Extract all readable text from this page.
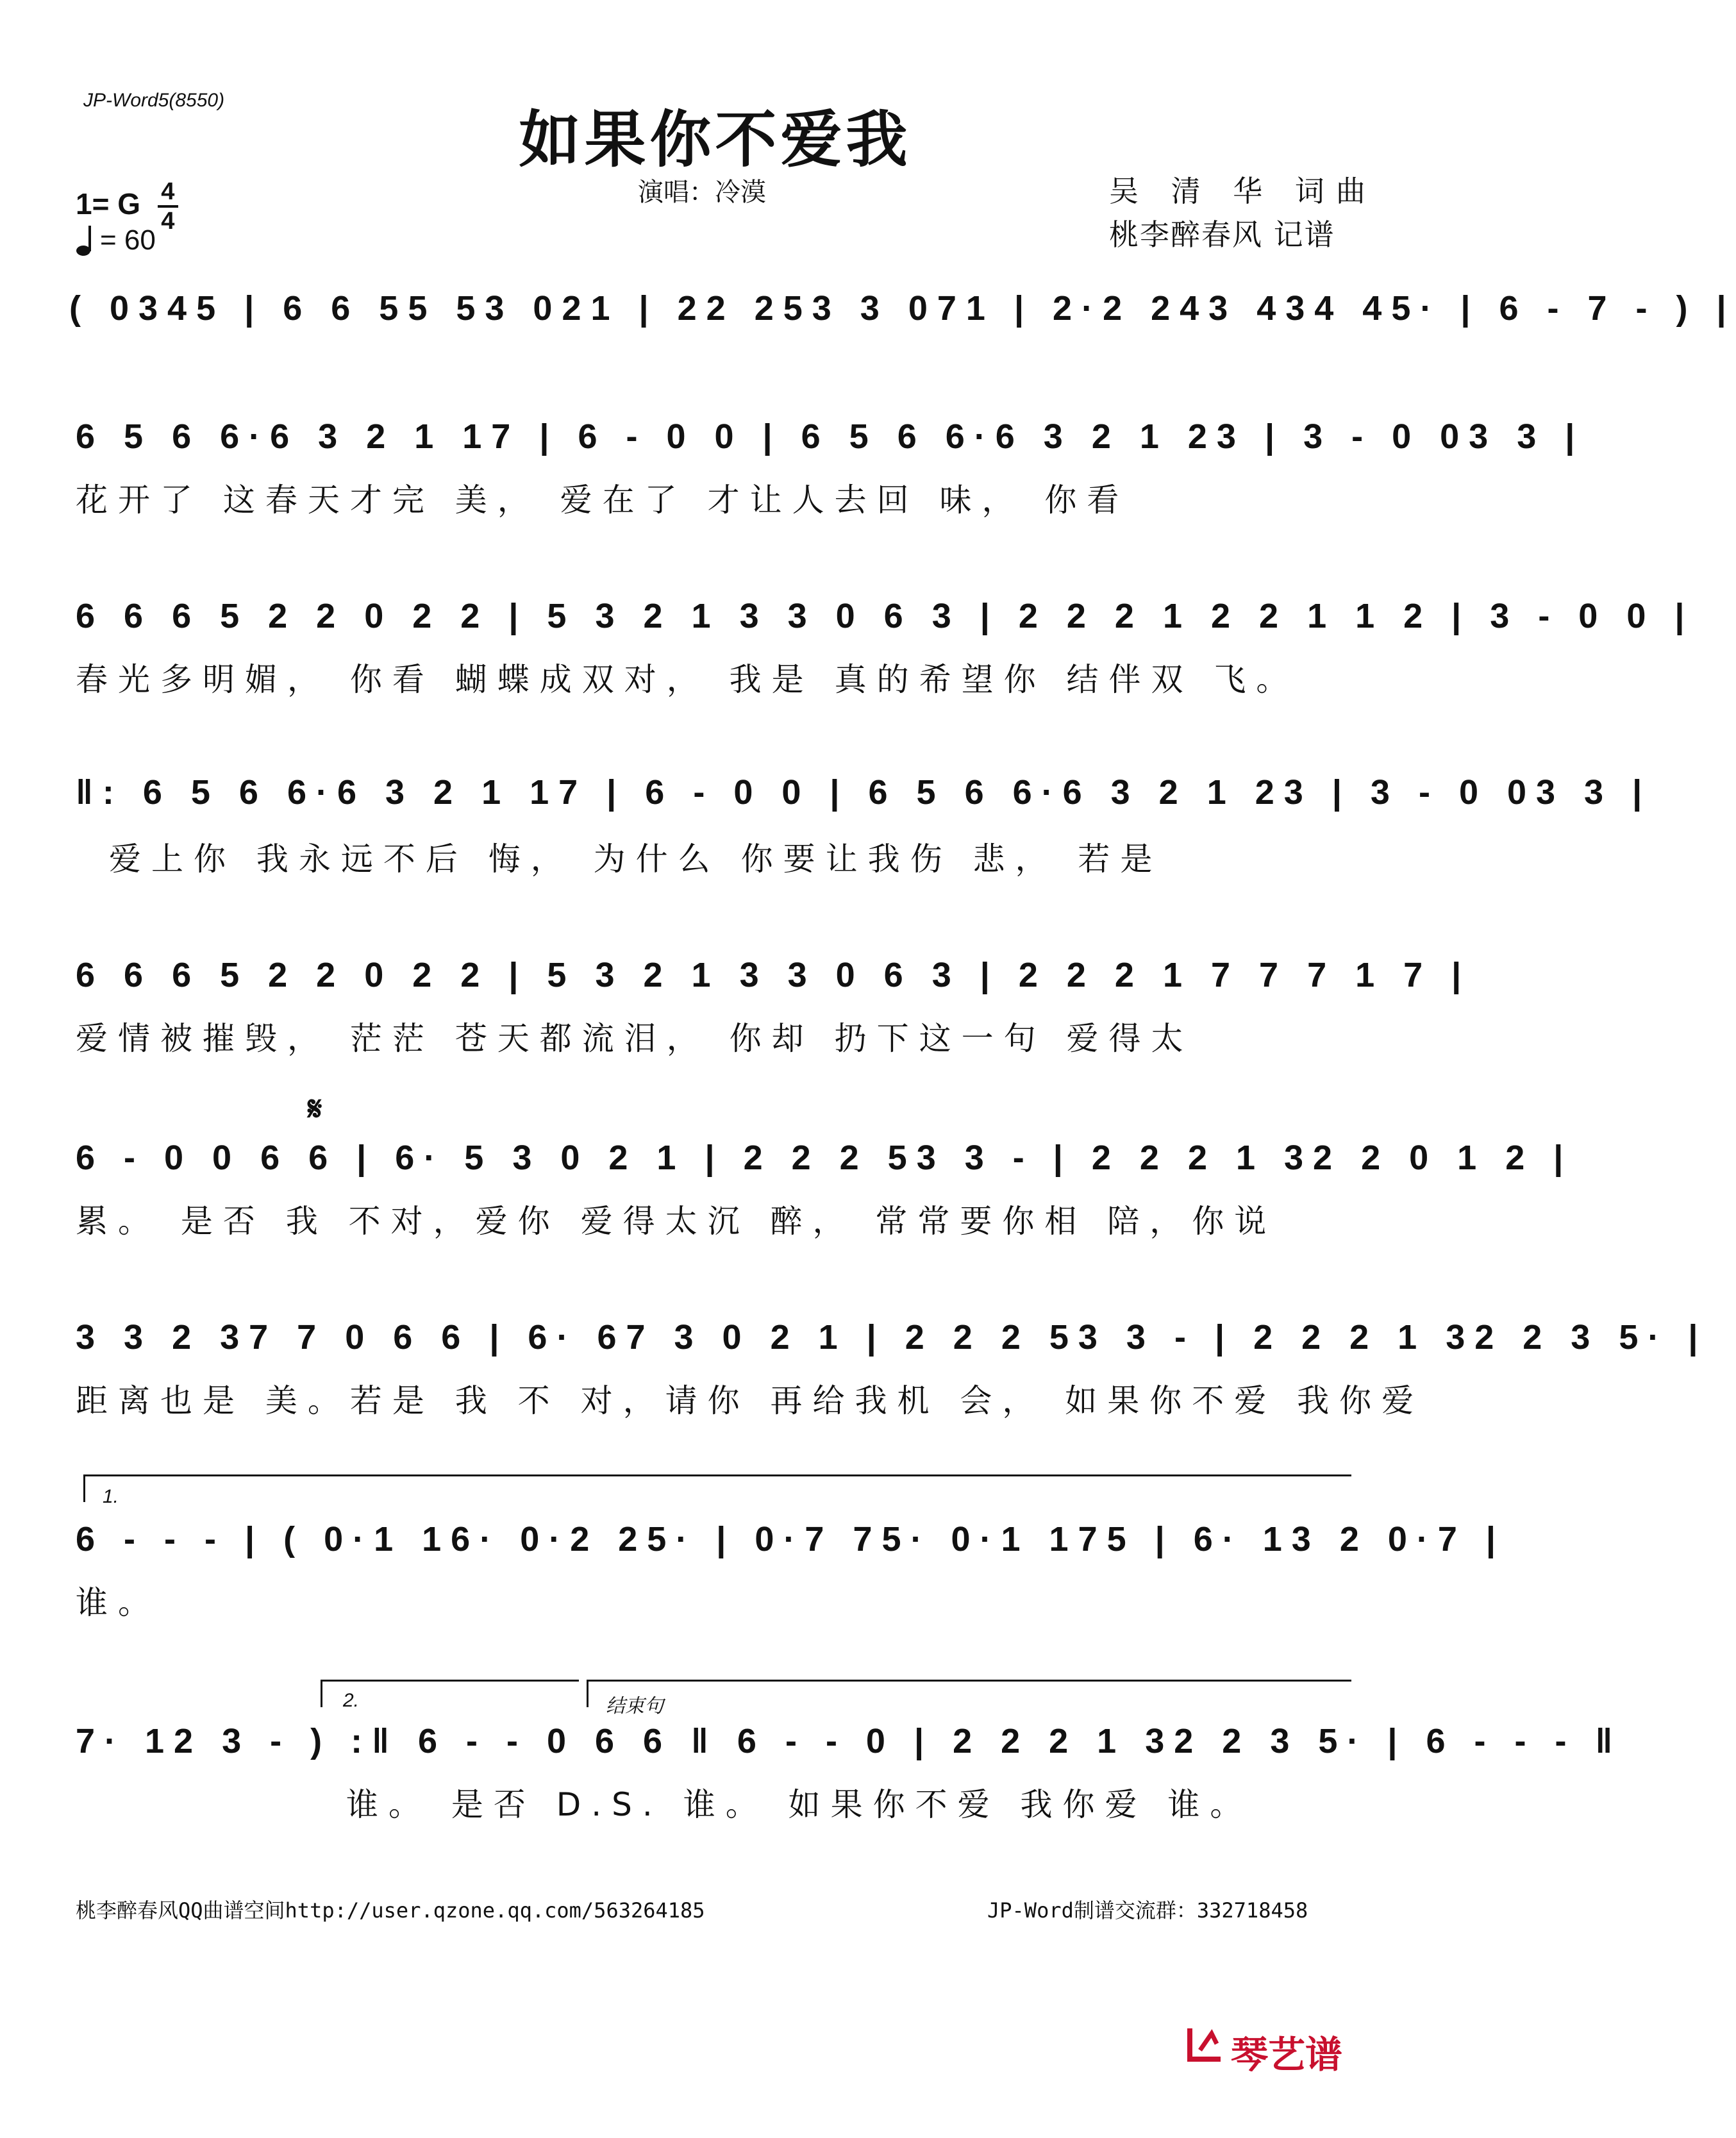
JP-Word5(8550)
如果你不爱我
演唱：冷漠	吴 清 华 词曲
桃李醉春风 记谱
1= G $\frac{4}{4}$
= 60
( 0345 | 6 6 55 53 021 | 22 253 3 071 | 2·2 243 434 45· | 6 - 7 - ) |
6 5 6 6·6 3 2 1 17 | 6 - 0 0 | 6 5 6 6·6 3 2 1 23 | 3 - 0 03 3 |
花开了 这春天才完 美， 爱在了 才让人去回 味， 你看
6 6 6 5 2 2 0 2 2 | 5 3 2 1 3 3 0 6 3 | 2 2 2 1 2 2 1 1 2 | 3 - 0 0 |
春光多明媚， 你看 蝴蝶成双对， 我是 真的希望你 结伴双 飞。
‖: 6 5 6 6·6 3 2 1 17 | 6 - 0 0 | 6 5 6 6·6 3 2 1 23 | 3 - 0 03 3 |
爱上你 我永远不后 悔， 为什么 你要让我伤 悲， 若是
6 6 6 5 2 2 0 2 2 | 5 3 2 1 3 3 0 6 3 | 2 2 2 1 7 7 7 1 7 |
爱情被摧毁， 茫茫 苍天都流泪， 你却 扔下这一句 爱得太
𝄋
6 - 0 0 6 6 | 6· 5 3 0 2 1 | 2 2 2 53 3 - | 2 2 2 1 32 2 0 1 2 |
累。 是否 我 不对，爱你 爱得太沉 醉， 常常要你相 陪，你说
3 3 2 37 7 0 6 6 | 6· 67 3 0 2 1 | 2 2 2 53 3 - | 2 2 2 1 32 2 3 5· |
距离也是 美。若是 我 不 对，请你 再给我机 会， 如果你不爱 我你爱
1.
6 - - - | ( 0·1 16· 0·2 25· | 0·7 75· 0·1 175 | 6· 13 2 0·7 |
谁。
2.	结束句
7· 12 3 - ) :‖ 6 - - 0 6 6 ‖ 6 - - 0 | 2 2 2 1 32 2 3 5· | 6 - - - ‖
谁。 是否 D.S. 谁。 如果你不爱 我你爱 谁。
桃李醉春风QQ曲谱空间http://user.qzone.qq.com/563264185	JP-Word制谱交流群：332718458
琴艺谱
